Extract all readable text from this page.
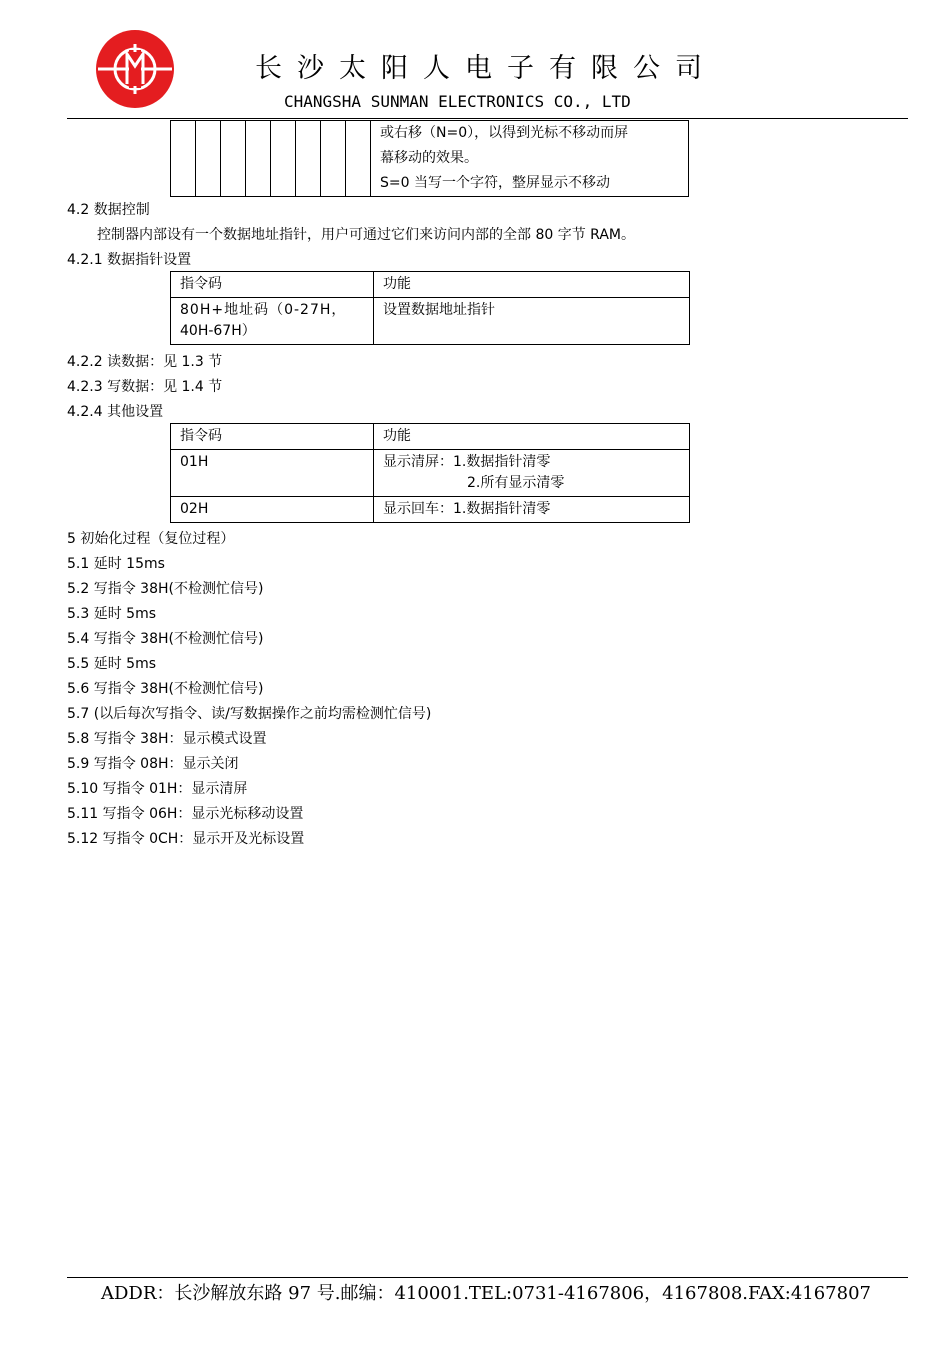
长沙太阳人电子有限公司
CHANGSHA SUNMAN ELECTRONICS CO., LTD

或右移（N=0），以得到光标不移动而屏
幕移动的效果。
S=0 当写一个字符，整屏显示不移动
4.2 数据控制
控制器内部设有一个数据地址指针，用户可通过它们来访问内部的全部 80 字节 RAM。
4.2.1 数据指针设置
指令码	功能

80H+地址码（0-27H，
40H-67H）	设置数据地址指针
4.2.2 读数据：见 1.3 节
4.2.3 写数据：见 1.4 节
4.2.4 其他设置
指令码	功能
01H	显示清屏：1.数据指针清零
2.所有显示清零

02H	显示回车：1.数据指针清零
5 初始化过程（复位过程）
5.1 延时 15ms
5.2 写指令 38H(不检测忙信号)
5.3 延时 5ms
5.4 写指令 38H(不检测忙信号)
5.5 延时 5ms
5.6 写指令 38H(不检测忙信号)
5.7 (以后每次写指令、读/写数据操作之前均需检测忙信号)
5.8 写指令 38H：显示模式设置
5.9 写指令 08H：显示关闭
5.10 写指令 01H：显示清屏
5.11 写指令 06H：显示光标移动设置
5.12 写指令 0CH：显示开及光标设置
ADDR：长沙解放东路 97 号.邮编：410001.TEL:0731-4167806，4167808.FAX:4167807
